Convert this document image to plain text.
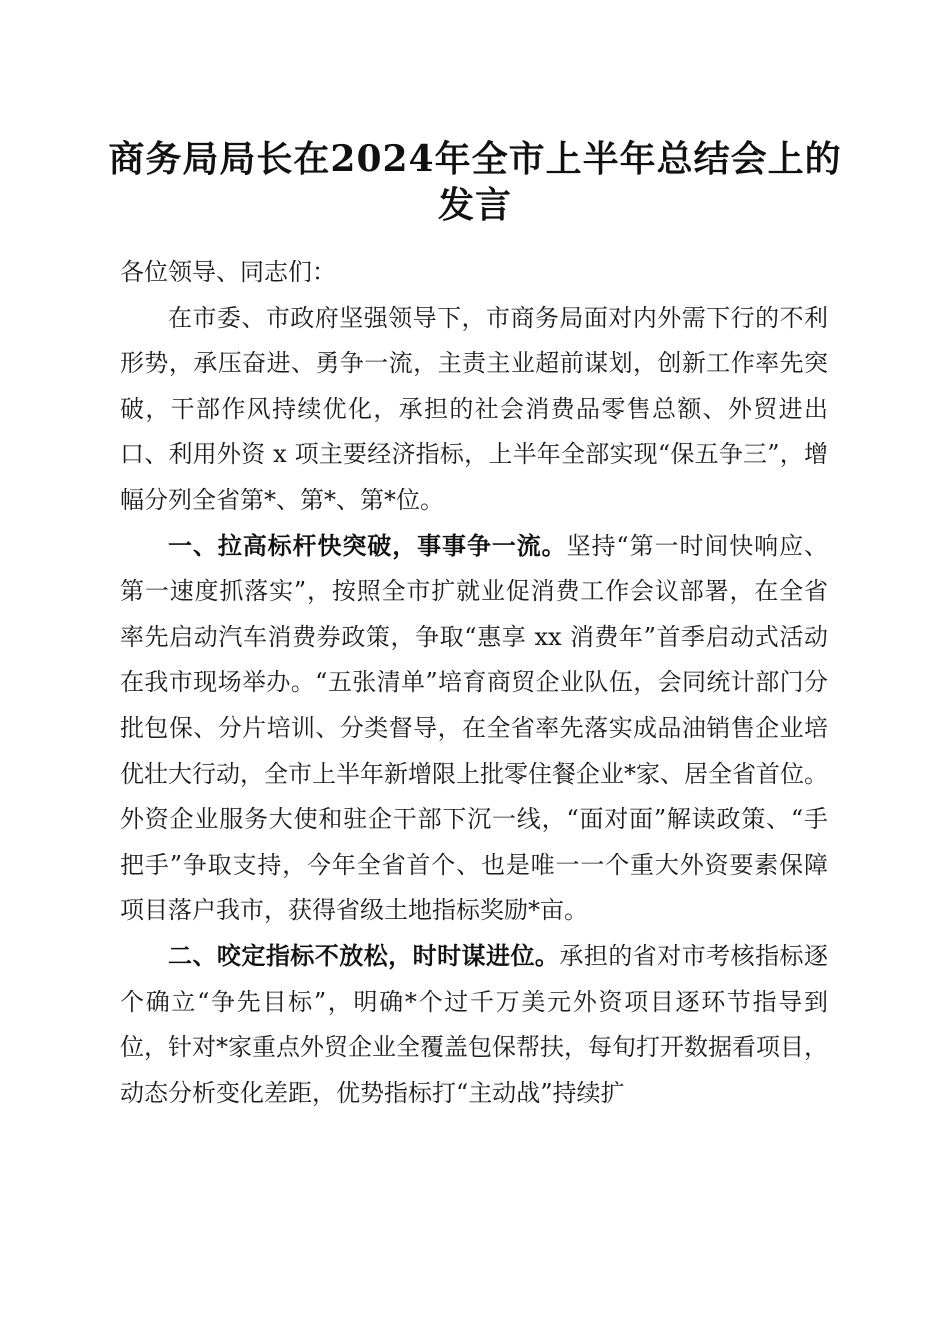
商务局局长在2024年全市上半年总结会上的
发言
各位领导、同志们：

在市委、市政府坚强领导下，市商务局面对内外需下行的不利形势，承压奋进、勇争一流，主责主业超前谋划，创新工作率先突破，干部作风持续优化，承担的社会消费品零售总额、外贸进出口、利用外资 x 项主要经济指标，上半年全部实现“保五争三”，增幅分列全省第*、第*、第*位。

一、拉高标杆快突破，事事争一流。坚持“第一时间快响应、第一速度抓落实”，按照全市扩就业促消费工作会议部署，在全省率先启动汽车消费券政策，争取“惠享 xx 消费年”首季启动式活动在我市现场举办。“五张清单”培育商贸企业队伍，会同统计部门分批包保、分片培训、分类督导，在全省率先落实成品油销售企业培优壮大行动，全市上半年新增限上批零住餐企业*家、居全省首位。外资企业服务大使和驻企干部下沉一线，“面对面”解读政策、“手把手”争取支持，今年全省首个、也是唯一一个重大外资要素保障项目落户我市，获得省级土地指标奖励*亩。

二、咬定指标不放松，时时谋进位。承担的省对市考核指标逐个确立“争先目标”，明确*个过千万美元外资项目逐环节指导到位，针对*家重点外贸企业全覆盖包保帮扶，每旬打开数据看项目，动态分析变化差距，优势指标打“主动战”持续扩
